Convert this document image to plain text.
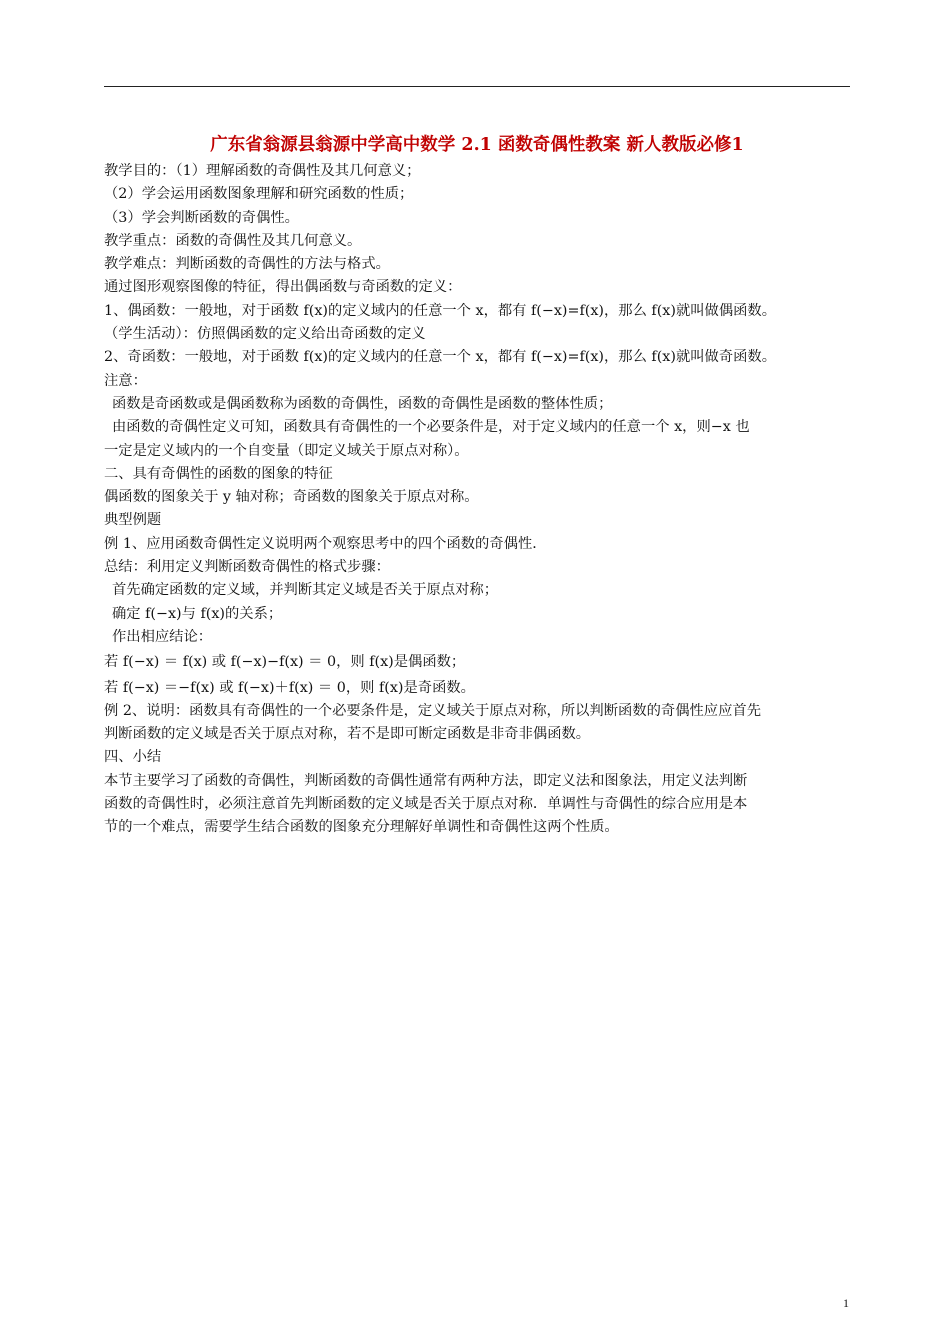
广东省翁源县翁源中学高中数学 2.1 函数奇偶性教案 新人教版必修1
教学目的：（1）理解函数的奇偶性及其几何意义；
（2）学会运用函数图象理解和研究函数的性质；
（3）学会判断函数的奇偶性。
教学重点：函数的奇偶性及其几何意义。
教学难点：判断函数的奇偶性的方法与格式。
通过图形观察图像的特征，得出偶函数与奇函数的定义：
1、偶函数：一般地，对于函数 f(x)的定义域内的任意一个 x，都有 f(−x)=f(x)，那么 f(x)就叫做偶函数。
（学生活动）：仿照偶函数的定义给出奇函数的定义
2、奇函数：一般地，对于函数 f(x)的定义域内的任意一个 x，都有 f(−x)=f(x)，那么 f(x)就叫做奇函数。
注意：
函数是奇函数或是偶函数称为函数的奇偶性，函数的奇偶性是函数的整体性质；
由函数的奇偶性定义可知，函数具有奇偶性的一个必要条件是，对于定义域内的任意一个 x，则−x 也
一定是定义域内的一个自变量（即定义域关于原点对称）。
二、具有奇偶性的函数的图象的特征
偶函数的图象关于 y 轴对称；奇函数的图象关于原点对称。
典型例题
例 1、应用函数奇偶性定义说明两个观察思考中的四个函数的奇偶性．
总结：利用定义判断函数奇偶性的格式步骤：
首先确定函数的定义域，并判断其定义域是否关于原点对称；
确定 f(−x)与 f(x)的关系；
作出相应结论：
若 f(−x) ＝ f(x) 或 f(−x)−f(x) ＝ 0，则 f(x)是偶函数；
若 f(−x) ＝−f(x) 或 f(−x)＋f(x) ＝ 0，则 f(x)是奇函数。
例 2、说明：函数具有奇偶性的一个必要条件是，定义域关于原点对称，所以判断函数的奇偶性应应首先
判断函数的定义域是否关于原点对称，若不是即可断定函数是非奇非偶函数。
四、小结
本节主要学习了函数的奇偶性，判断函数的奇偶性通常有两种方法，即定义法和图象法，用定义法判断
函数的奇偶性时，必须注意首先判断函数的定义域是否关于原点对称．单调性与奇偶性的综合应用是本
节的一个难点，需要学生结合函数的图象充分理解好单调性和奇偶性这两个性质。
1
